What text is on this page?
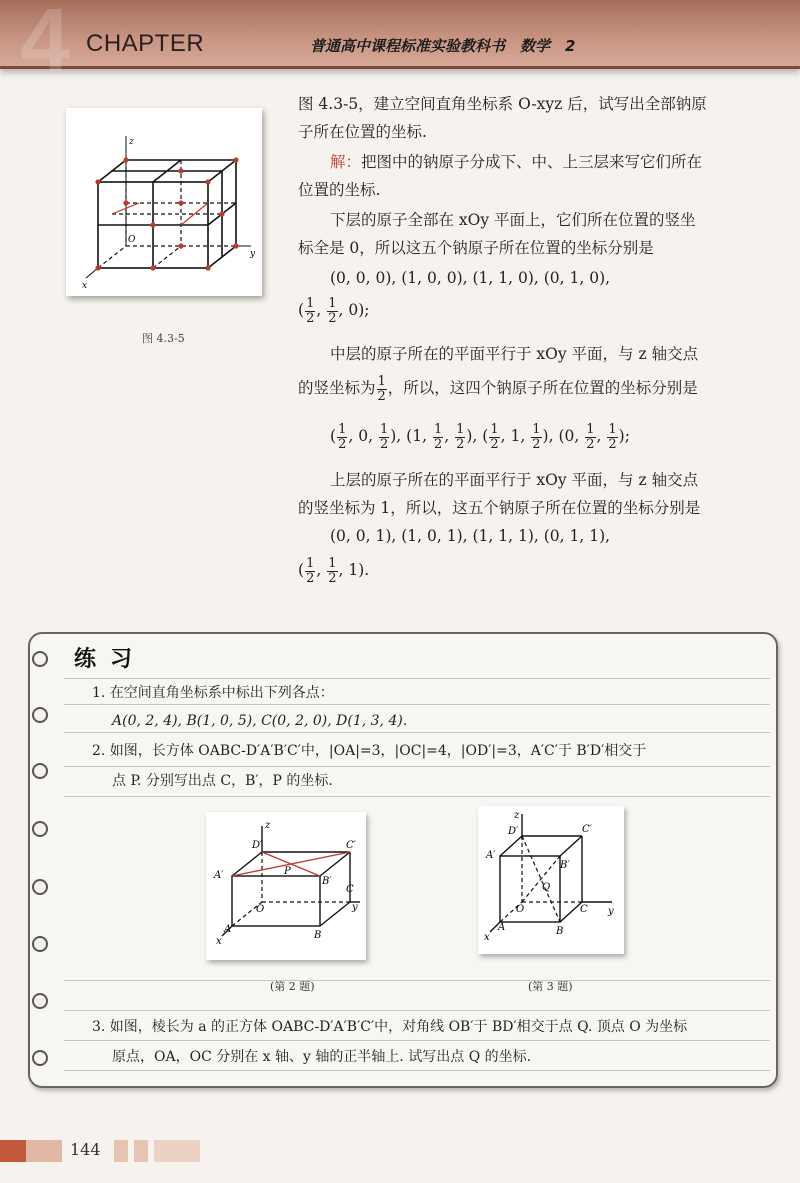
4 CHAPTER	普通高中课程标准实验教科书　数学　2
z
y
x
O
图 4.3-5
图 4.3-5，建立空间直角坐标系 O-xyz 后，试写出全部钠原
子所在位置的坐标.
解：把图中的钠原子分成下、中、上三层来写它们所在
位置的坐标.
下层的原子全部在 xOy 平面上，它们所在位置的竖坐
标全是 0，所以这五个钠原子所在位置的坐标分别是
(0, 0, 0), (1, 0, 0), (1, 1, 0), (0, 1, 0),
( $\frac{1}{2}$ , $\frac{1}{2}$ , 0);
中层的原子所在的平面平行于 xOy 平面，与 z 轴交点
的竖坐标为 $\frac{1}{2}$ ，所以，这四个钠原子所在位置的坐标分别是
( $\frac{1}{2}$ , 0, $\frac{1}{2}$ ), (1, $\frac{1}{2}$ , $\frac{1}{2}$ ), ( $\frac{1}{2}$ , 1, $\frac{1}{2}$ ), (0, $\frac{1}{2}$ , $\frac{1}{2}$ );
上层的原子所在的平面平行于 xOy 平面，与 z 轴交点
的竖坐标为 1，所以，这五个钠原子所在位置的坐标分别是
(0, 0, 1), (1, 0, 1), (1, 1, 1), (0, 1, 1),
( $\frac{1}{2}$ , $\frac{1}{2}$ , 1).
练习
1. 在空间直角坐标系中标出下列各点：
A(0, 2, 4), B(1, 0, 5), C(0, 2, 0), D(1, 3, 4).
2. 如图，长方体 OABC-D′A′B′C′中，|OA|=3，|OC|=4，|OD′|=3，A′C′于 B′D′相交于
点 P. 分别写出点 C，B′，P 的坐标.
z
D′	C′
A′	P
B′
C
y
O
A
x
B
(第 2 题)
z
D′	C′
A′
B′
Q
O	C y
A
x
B
(第 3 题)
3. 如图，棱长为 a 的正方体 OABC-D′A′B′C′中，对角线 OB′于 BD′相交于点 Q. 顶点 O 为坐标
原点，OA，OC 分别在 x 轴、y 轴的正半轴上. 试写出点 Q 的坐标.
144
